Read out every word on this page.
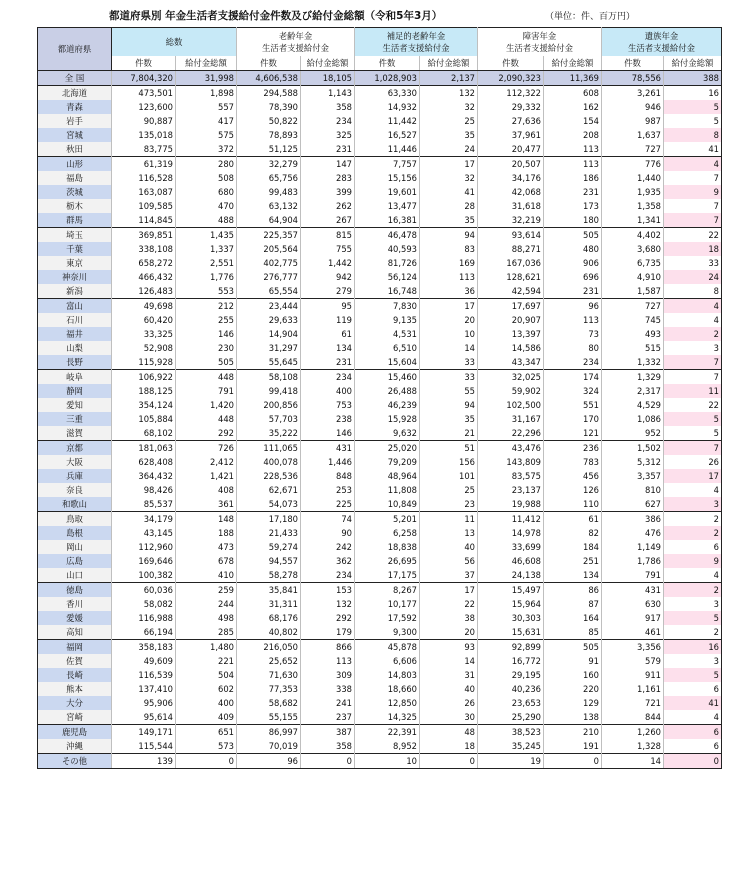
都道府県別 年金生活者支援給付金件数及び給付金総額（令和5年3月）	（単位：件、百万円）
都道府県	総数		老齢年金
生活者支援給付金		補足的老齢年金
生活者支援給付金		障害年金
生活者支援給付金		遺族年金
生活者支援給付金	
	件数	給付金総額	件数	給付金総額	件数	給付金総額	件数	給付金総額	件数	給付金総額
全 国	7,804,320	31,998	4,606,538	18,105	1,028,903	2,137	2,090,323	11,369	78,556	388
北海道	473,501	1,898	294,588	1,143	63,330	132	112,322	608	3,261	16
青森	123,600	557	78,390	358	14,932	32	29,332	162	946	5
岩手	90,887	417	50,822	234	11,442	25	27,636	154	987	5
宮城	135,018	575	78,893	325	16,527	35	37,961	208	1,637	8
秋田	83,775	372	51,125	231	11,446	24	20,477	113	727	41
山形	61,319	280	32,279	147	7,757	17	20,507	113	776	4
福島	116,528	508	65,756	283	15,156	32	34,176	186	1,440	7
茨城	163,087	680	99,483	399	19,601	41	42,068	231	1,935	9
栃木	109,585	470	63,132	262	13,477	28	31,618	173	1,358	7
群馬	114,845	488	64,904	267	16,381	35	32,219	180	1,341	7
埼玉	369,851	1,435	225,357	815	46,478	94	93,614	505	4,402	22
千葉	338,108	1,337	205,564	755	40,593	83	88,271	480	3,680	18
東京	658,272	2,551	402,775	1,442	81,726	169	167,036	906	6,735	33
神奈川	466,432	1,776	276,777	942	56,124	113	128,621	696	4,910	24
新潟	126,483	553	65,554	279	16,748	36	42,594	231	1,587	8
富山	49,698	212	23,444	95	7,830	17	17,697	96	727	4
石川	60,420	255	29,633	119	9,135	20	20,907	113	745	4
福井	33,325	146	14,904	61	4,531	10	13,397	73	493	2
山梨	52,908	230	31,297	134	6,510	14	14,586	80	515	3
長野	115,928	505	55,645	231	15,604	33	43,347	234	1,332	7
岐阜	106,922	448	58,108	234	15,460	33	32,025	174	1,329	7
静岡	188,125	791	99,418	400	26,488	55	59,902	324	2,317	11
愛知	354,124	1,420	200,856	753	46,239	94	102,500	551	4,529	22
三重	105,884	448	57,703	238	15,928	35	31,167	170	1,086	5
滋賀	68,102	292	35,222	146	9,632	21	22,296	121	952	5
京都	181,063	726	111,065	431	25,020	51	43,476	236	1,502	7
大阪	628,408	2,412	400,078	1,446	79,209	156	143,809	783	5,312	26
兵庫	364,432	1,421	228,536	848	48,964	101	83,575	456	3,357	17
奈良	98,426	408	62,671	253	11,808	25	23,137	126	810	4
和歌山	85,537	361	54,073	225	10,849	23	19,988	110	627	3
鳥取	34,179	148	17,180	74	5,201	11	11,412	61	386	2
島根	43,145	188	21,433	90	6,258	13	14,978	82	476	2
岡山	112,960	473	59,274	242	18,838	40	33,699	184	1,149	6
広島	169,646	678	94,557	362	26,695	56	46,608	251	1,786	9
山口	100,382	410	58,278	234	17,175	37	24,138	134	791	4
徳島	60,036	259	35,841	153	8,267	17	15,497	86	431	2
香川	58,082	244	31,311	132	10,177	22	15,964	87	630	3
愛媛	116,988	498	68,176	292	17,592	38	30,303	164	917	5
高知	66,194	285	40,802	179	9,300	20	15,631	85	461	2
福岡	358,183	1,480	216,050	866	45,878	93	92,899	505	3,356	16
佐賀	49,609	221	25,652	113	6,606	14	16,772	91	579	3
長崎	116,539	504	71,630	309	14,803	31	29,195	160	911	5
熊本	137,410	602	77,353	338	18,660	40	40,236	220	1,161	6
大分	95,906	400	58,682	241	12,850	26	23,653	129	721	41
宮崎	95,614	409	55,155	237	14,325	30	25,290	138	844	4
鹿児島	149,171	651	86,997	387	22,391	48	38,523	210	1,260	6
沖縄	115,544	573	70,019	358	8,952	18	35,245	191	1,328	6
その他	139	0	96	0	10	0	19	0	14	0
